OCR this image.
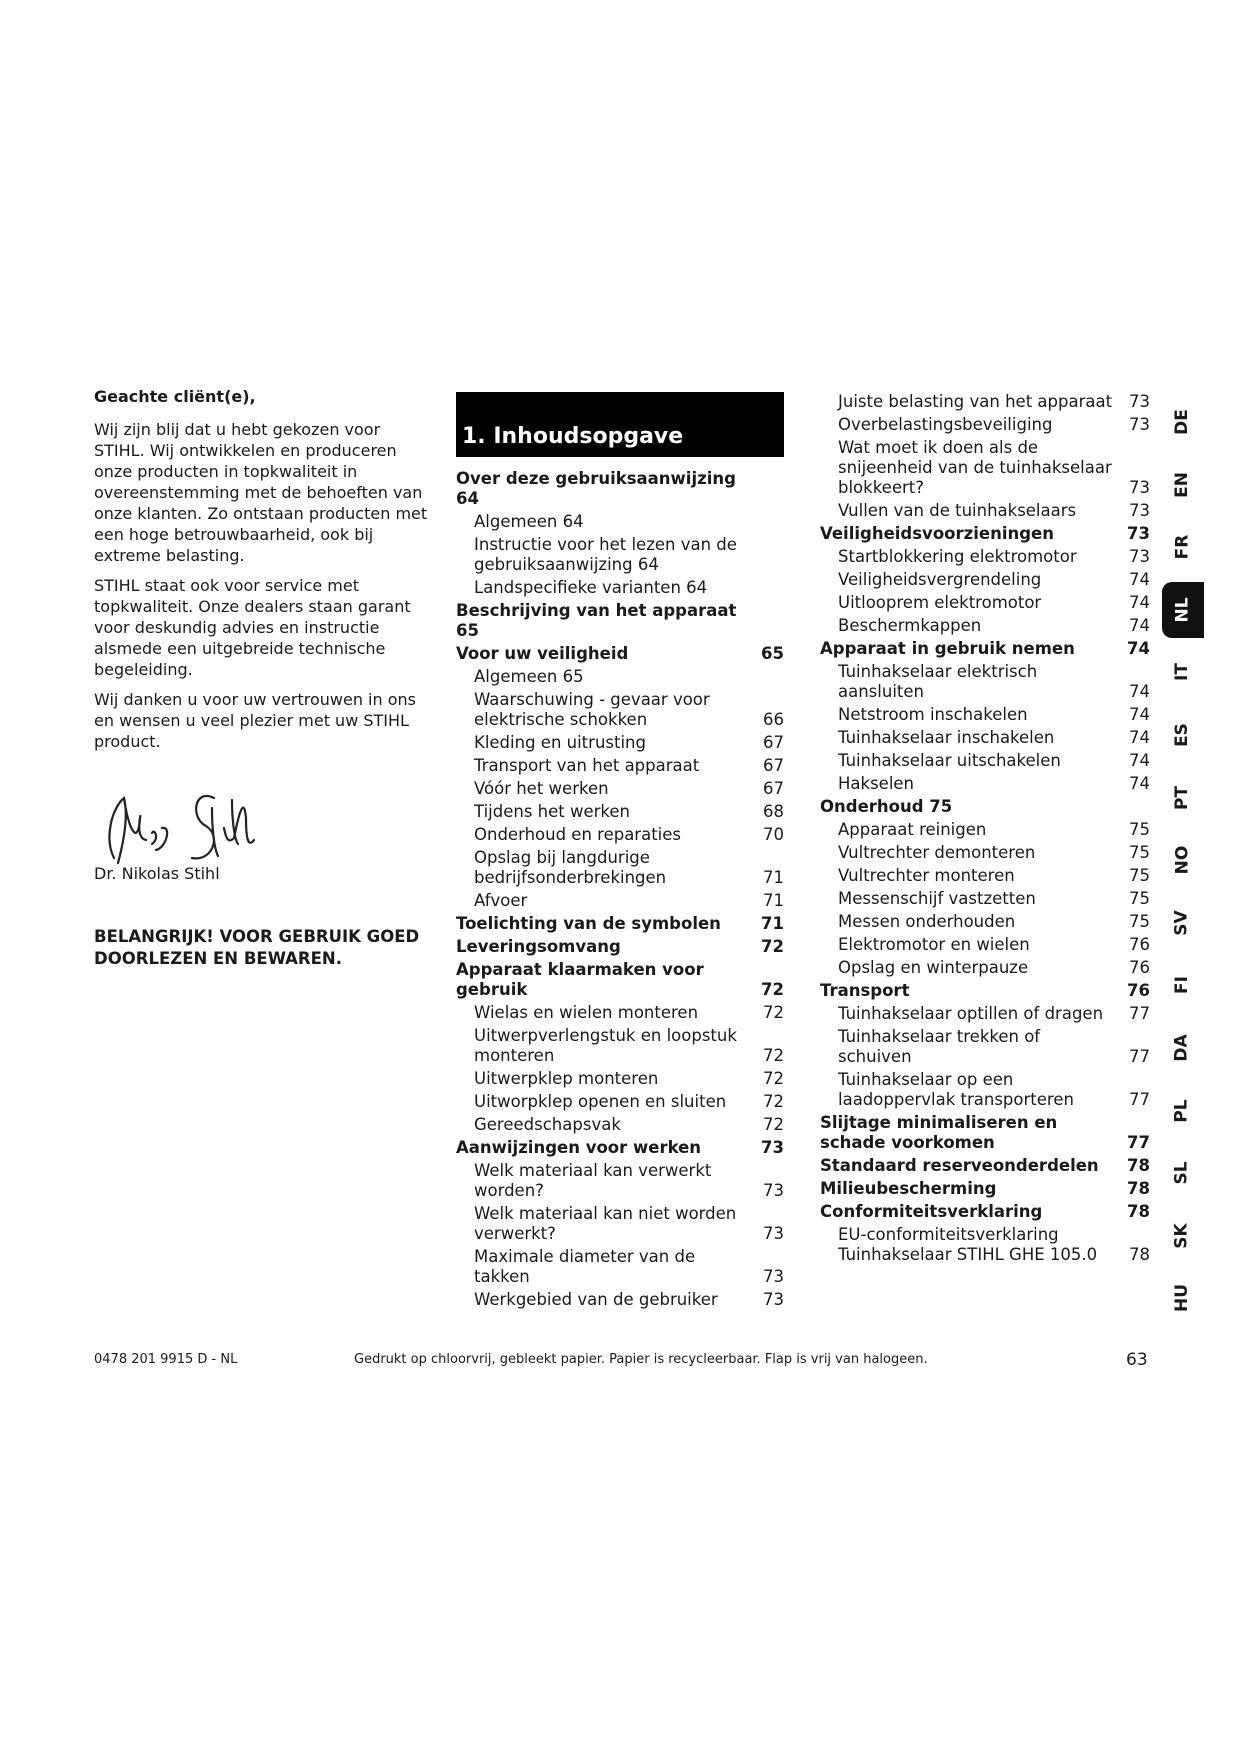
Geachte cliënt(e),

Wij zijn blij dat u hebt gekozen voor STIHL. Wij ontwikkelen en produceren onze producten in topkwaliteit in overeenstemming met de behoeften van onze klanten. Zo ontstaan producten met een hoge betrouwbaarheid, ook bij extreme belasting.

STIHL staat ook voor service met topkwaliteit. Onze dealers staan garant voor deskundig advies en instructie alsmede een uitgebreide technische begeleiding.

Wij danken u voor uw vertrouwen in ons en wensen u veel plezier met uw STIHL product.

Dr. Nikolas Stihl
BELANGRIJK! VOOR GEBRUIK GOED DOORLEZEN EN BEWAREN.
1. Inhoudsopgave
Over deze gebruiksaanwijzing 64
Algemeen 64
Instructie voor het lezen van de gebruiksaanwijzing 64
Landspecifieke varianten 64
Beschrijving van het apparaat 65
Voor uw veiligheid	65
Algemeen 65
Waarschuwing - gevaar voor elektrische schokken	66
Kleding en uitrusting	67
Transport van het apparaat	67
Vóór het werken	67
Tijdens het werken	68
Onderhoud en reparaties	70
Opslag bij langdurige bedrijfsonderbrekingen	71
Afvoer	71
Toelichting van de symbolen	71
Leveringsomvang	72
Apparaat klaarmaken voor gebruik	72
Wielas en wielen monteren	72
Uitwerpverlengstuk en loopstuk monteren	72
Uitwerpklep monteren	72
Uitworpklep openen en sluiten	72
Gereedschapsvak	72
Aanwijzingen voor werken	73
Welk materiaal kan verwerkt worden?	73
Welk materiaal kan niet worden verwerkt?	73
Maximale diameter van de takken	73
Werkgebied van de gebruiker	73
Juiste belasting van het apparaat	73
Overbelastingsbeveiliging	73
Wat moet ik doen als de snijeenheid van de tuinhakselaar blokkeert?	73
Vullen van de tuinhakselaars	73
Veiligheidsvoorzieningen	73
Startblokkering elektromotor	73
Veiligheidsvergrendeling	74
Uitlooprem elektromotor	74
Beschermkappen	74
Apparaat in gebruik nemen	74
Tuinhakselaar elektrisch aansluiten	74
Netstroom inschakelen	74
Tuinhakselaar inschakelen	74
Tuinhakselaar uitschakelen	74
Hakselen	74
Onderhoud 75
Apparaat reinigen	75
Vultrechter demonteren	75
Vultrechter monteren	75
Messenschijf vastzetten	75
Messen onderhouden	75
Elektromotor en wielen	76
Opslag en winterpauze	76
Transport	76
Tuinhakselaar optillen of dragen	77
Tuinhakselaar trekken of schuiven	77
Tuinhakselaar op een laadoppervlak transporteren	77
Slijtage minimaliseren en schade voorkomen	77
Standaard reserveonderdelen	78
Milieubescherming	78
Conformiteitsverklaring	78
EU-conformiteitsverklaring Tuinhakselaar STIHL GHE 105.0	78
DE
EN
FR
NL
IT
ES
PT
NO
SV
FI
DA
PL
SL
SK
HU
0478 201 9915 D - NL	Gedrukt op chloorvrij, gebleekt papier. Papier is recycleerbaar. Flap is vrij van halogeen.	63
